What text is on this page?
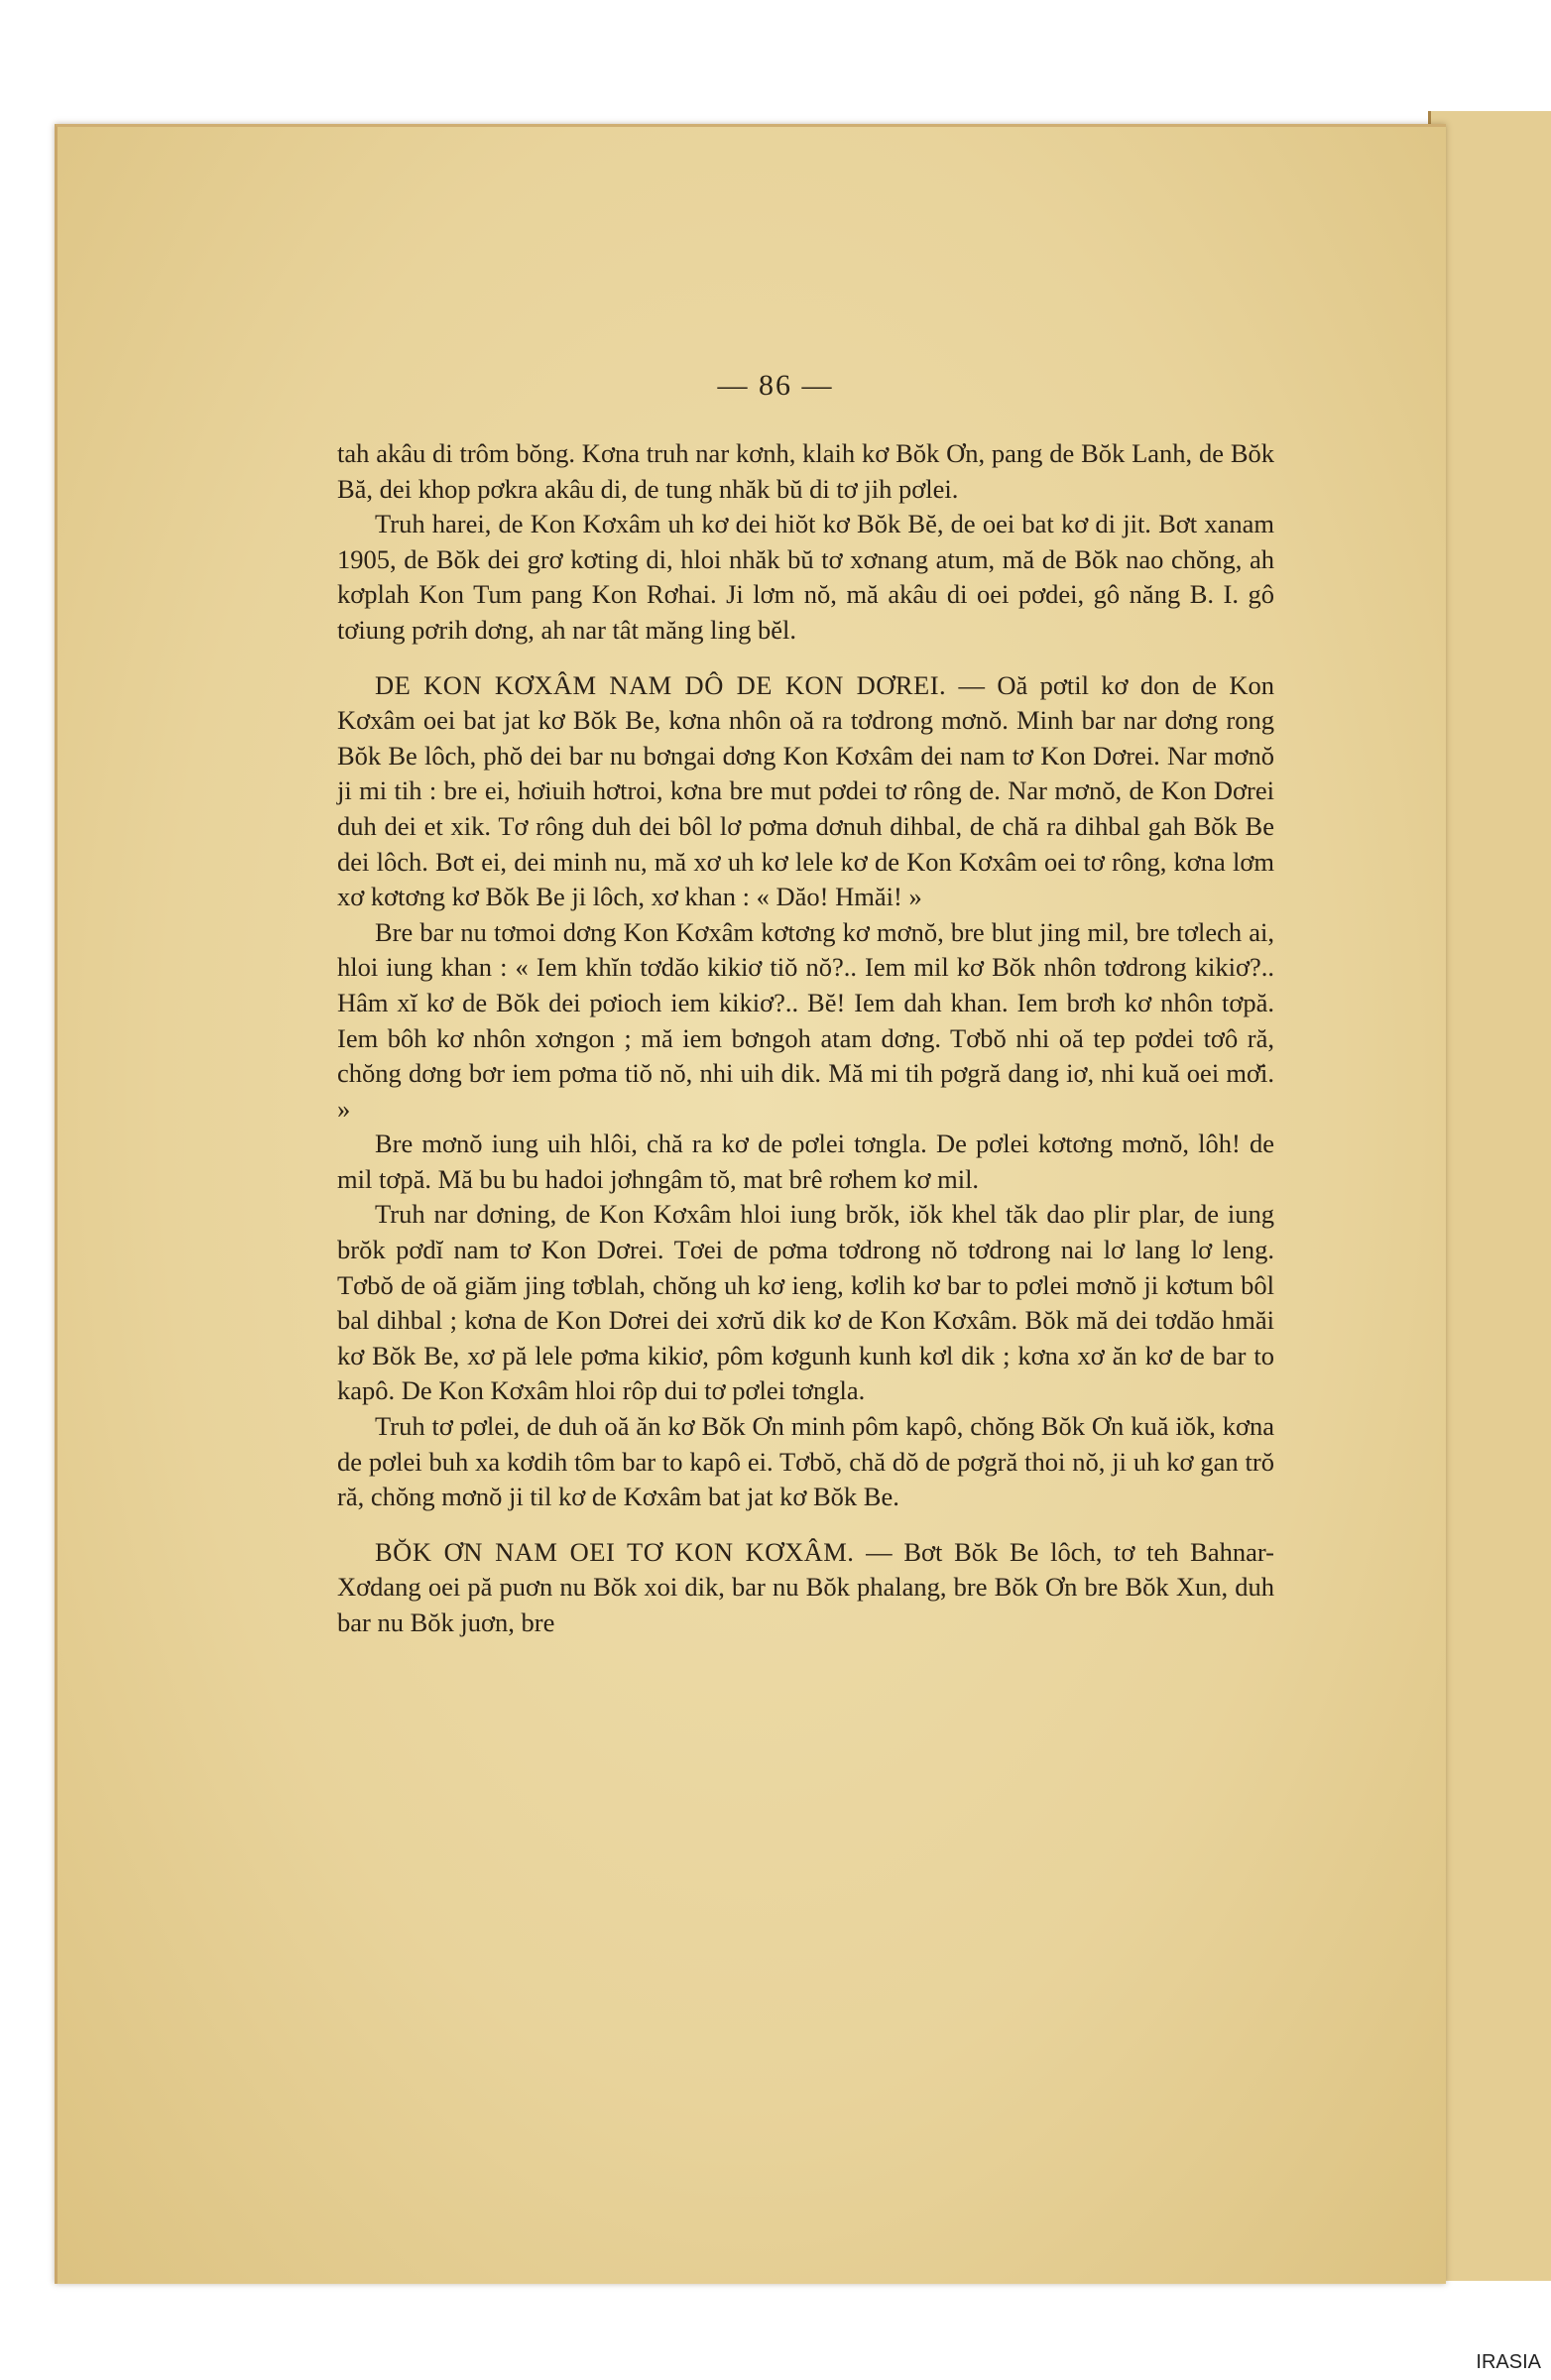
— 86 —

tah akâu di trôm bŏng. Kơna truh nar kơnh, klaih kơ Bŏk Ơn, pang de Bŏk Lanh, de Bŏk Bă, dei khop pơkra akâu di, de tung nhăk bŭ di tơ jih pơlei.

Truh harei, de Kon Kơxâm uh kơ dei hiŏt kơ Bŏk Bĕ, de oei bat kơ di jit. Bơt xanam 1905, de Bŏk dei grơ kơting di, hloi nhăk bŭ tơ xơnang atum, mă de Bŏk nao chŏng, ah kơplah Kon Tum pang Kon Rơhai. Ji lơm nŏ, mă akâu di oei pơdei, gô năng B. I. gô tơiung pơrih dơng, ah nar tât măng ling bĕl.

DE KON KƠXÂM NAM DÔ DE KON DƠREI. — Oă pơtil kơ don de Kon Kơxâm oei bat jat kơ Bŏk Be, kơna nhôn oă ra tơdrong mơnŏ. Minh bar nar dơng rong Bŏk Be lôch, phŏ dei bar nu bơngai dơng Kon Kơxâm dei nam tơ Kon Dơrei. Nar mơnŏ ji mi tih : bre ei, hơiuih hơtroi, kơna bre mut pơdei tơ rông de. Nar mơnŏ, de Kon Dơrei duh dei et xik. Tơ rông duh dei bôl lơ pơma dơnuh dihbal, de chă ra dihbal gah Bŏk Be dei lôch. Bơt ei, dei minh nu, mă xơ uh kơ lele kơ de Kon Kơxâm oei tơ rông, kơna lơm xơ kơtơng kơ Bŏk Be ji lôch, xơ khan : « Dăo! Hmăi! »

Bre bar nu tơmoi dơng Kon Kơxâm kơtơng kơ mơnŏ, bre blut jing mil, bre tơlech ai, hloi iung khan : « Iem khĭn tơdăo kikiơ tiŏ nŏ?.. Iem mil kơ Bŏk nhôn tơdrong kikiơ?.. Hâm xĭ kơ de Bŏk dei pơioch iem kikiơ?.. Bĕ! Iem dah khan. Iem brơh kơ nhôn tơpă. Iem bôh kơ nhôn xơngon ; mă iem bơngoh atam dơng. Tơbŏ nhi oă tep pơdei tơô ră, chŏng dơng bơr iem pơma tiŏ nŏ, nhi uih dik. Mă mi tih pơgră dang iơ, nhi kuă oei mơ̆i. »

Bre mơnŏ iung uih hlôi, chă ra kơ de pơlei tơngla. De pơlei kơtơng mơnŏ, lôh! de mil tơpă. Mă bu bu hadoi jơhngâm tŏ, mat brê rơhem kơ mil.

Truh nar dơning, de Kon Kơxâm hloi iung brŏk, iŏk khel tăk dao plir plar, de iung brŏk pơdĭ nam tơ Kon Dơrei. Tơei de pơma tơdrong nŏ tơdrong nai lơ lang lơ leng. Tơbŏ de oă giăm jing tơblah, chŏng uh kơ ieng, kơlih kơ bar to pơlei mơnŏ ji kơtum bôl bal dihbal ; kơna de Kon Dơrei dei xơrŭ dik kơ de Kon Kơxâm. Bŏk mă dei tơdăo hmăi kơ Bŏk Be, xơ pă lele pơma kikiơ, pôm kơgunh kunh kơl dik ; kơna xơ ăn kơ de bar to kapô. De Kon Kơxâm hloi rôp dui tơ pơlei tơngla.

Truh tơ pơlei, de duh oă ăn kơ Bŏk Ơn minh pôm kapô, chŏng Bŏk Ơn kuă iŏk, kơna de pơlei buh xa kơdih tôm bar to kapô ei. Tơbŏ, chă dŏ de pơgră thoi nŏ, ji uh kơ gan trŏ ră, chŏng mơnŏ ji til kơ de Kơxâm bat jat kơ Bŏk Be.

BŎK ƠN NAM OEI TƠ KON KƠXÂM. — Bơt Bŏk Be lôch, tơ teh Bahnar-Xơdang oei pă puơn nu Bŏk xoi dik, bar nu Bŏk phalang, bre Bŏk Ơn bre Bŏk Xun, duh bar nu Bŏk juơn, bre

IRASIA
